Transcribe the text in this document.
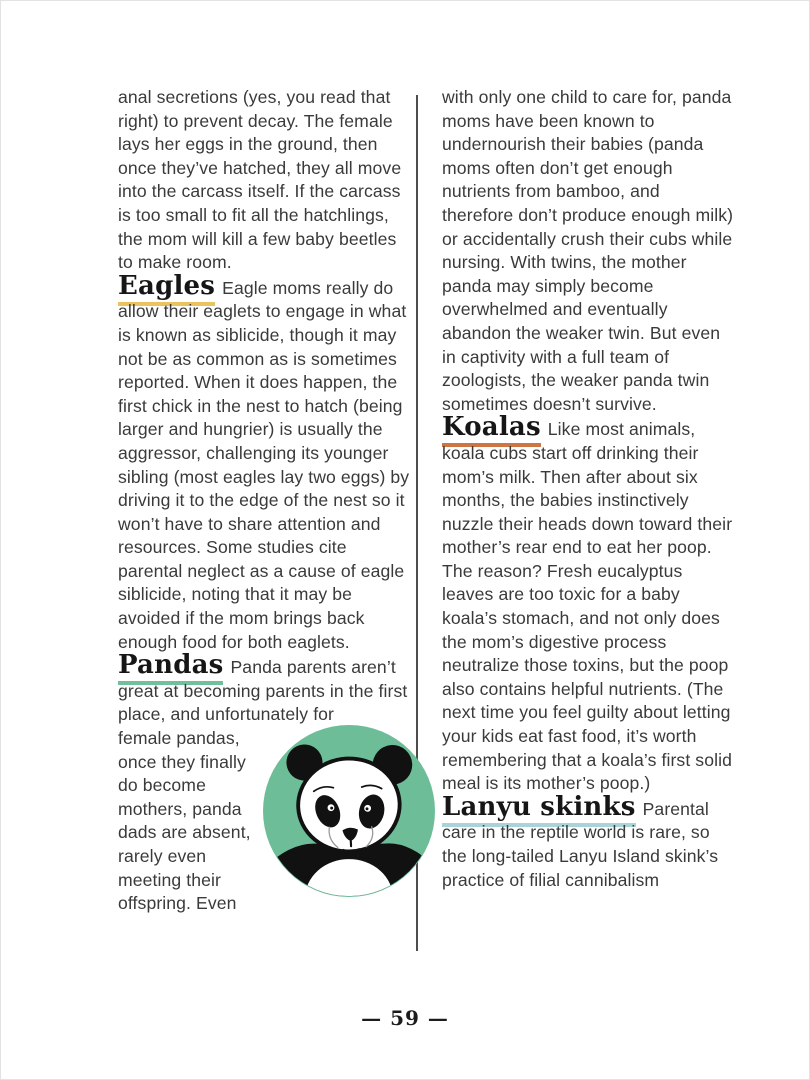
anal secretions (yes, you read that right) to prevent decay. The female lays her eggs in the ground, then once they’ve hatched, they all move into the carcass itself. If the carcass is too small to fit all the hatchlings, the mom will kill a few baby beetles to make room.

Eagles Eagle moms really do allow their eaglets to engage in what is known as siblicide, though it may not be as common as is sometimes reported. When it does happen, the first chick in the nest to hatch (being larger and hungrier) is usually the aggressor, challenging its younger sibling (most eagles lay two eggs) by driving it to the edge of the nest so it won’t have to share attention and resources. Some studies cite parental neglect as a cause of eagle siblicide, noting that it may be avoided if the mom brings back enough food for both eaglets.

Pandas Panda parents aren’t great at becoming parents in the first place, and unfortunately for

female pandas, once they finally do become mothers, panda dads are absent, rarely even meeting their offspring. Even

with only one child to care for, panda moms have been known to undernourish their babies (panda moms often don’t get enough nutrients from bamboo, and therefore don’t produce enough milk) or accidentally crush their cubs while nursing. With twins, the mother panda may simply become overwhelmed and eventually abandon the weaker twin. But even in captivity with a full team of zoologists, the weaker panda twin sometimes doesn’t survive.

Koalas Like most animals, koala cubs start off drinking their mom’s milk. Then after about six months, the babies instinctively nuzzle their heads down toward their mother’s rear end to eat her poop. The reason? Fresh eucalyptus leaves are too toxic for a baby koala’s stomach, and not only does the mom’s digestive process neutralize those toxins, but the poop also contains helpful nutrients. (The next time you feel guilty about letting your kids eat fast food, it’s worth remembering that a koala’s first solid meal is its mother’s poop.)

Lanyu skinks Parental care in the reptile world is rare, so the long-tailed Lanyu Island skink’s practice of filial cannibalism

— 59 —
